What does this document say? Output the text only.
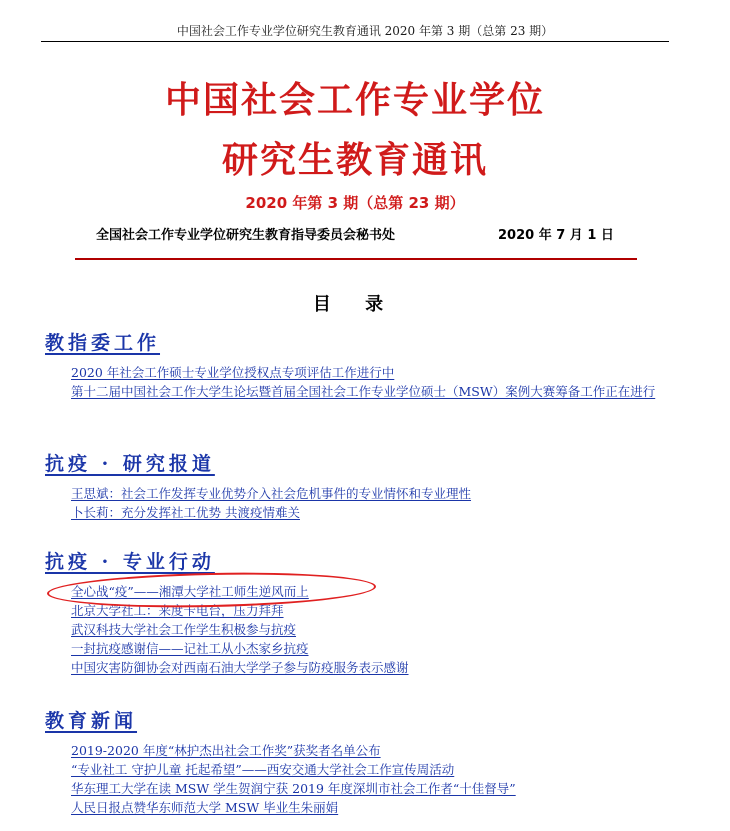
中国社会工作专业学位研究生教育通讯 2020 年第 3 期（总第 23 期）
中国社会工作专业学位
研究生教育通讯
2020 年第 3 期（总第 23 期）
全国社会工作专业学位研究生教育指导委员会秘书处	2020 年 7 月 1 日
目 录
教指委工作
2020 年社会工作硕士专业学位授权点专项评估工作进行中
第十二届中国社会工作大学生论坛暨首届全国社会工作专业学位硕士（MSW）案例大赛筹备工作正在进行
抗疫 · 研究报道
王思斌：社会工作发挥专业优势介入社会危机事件的专业情怀和专业理性
卜长莉：充分发挥社工优势 共渡疫情难关
抗疫 · 专业行动
全心战“疫”——湘潭大学社工师生逆风而上
北京大学社工：来度卡电台，压力拜拜
武汉科技大学社会工作学生积极参与抗疫
一封抗疫感谢信——记社工从小杰家乡抗疫
中国灾害防御协会对西南石油大学学子参与防疫服务表示感谢
教育新闻
2019-2020 年度“林护杰出社会工作奖”获奖者名单公布
“专业社工 守护儿童 托起希望”——西安交通大学社会工作宣传周活动
华东理工大学在读 MSW 学生贺润宁获 2019 年度深圳市社会工作者“十佳督导”
人民日报点赞华东师范大学 MSW 毕业生朱丽娟
